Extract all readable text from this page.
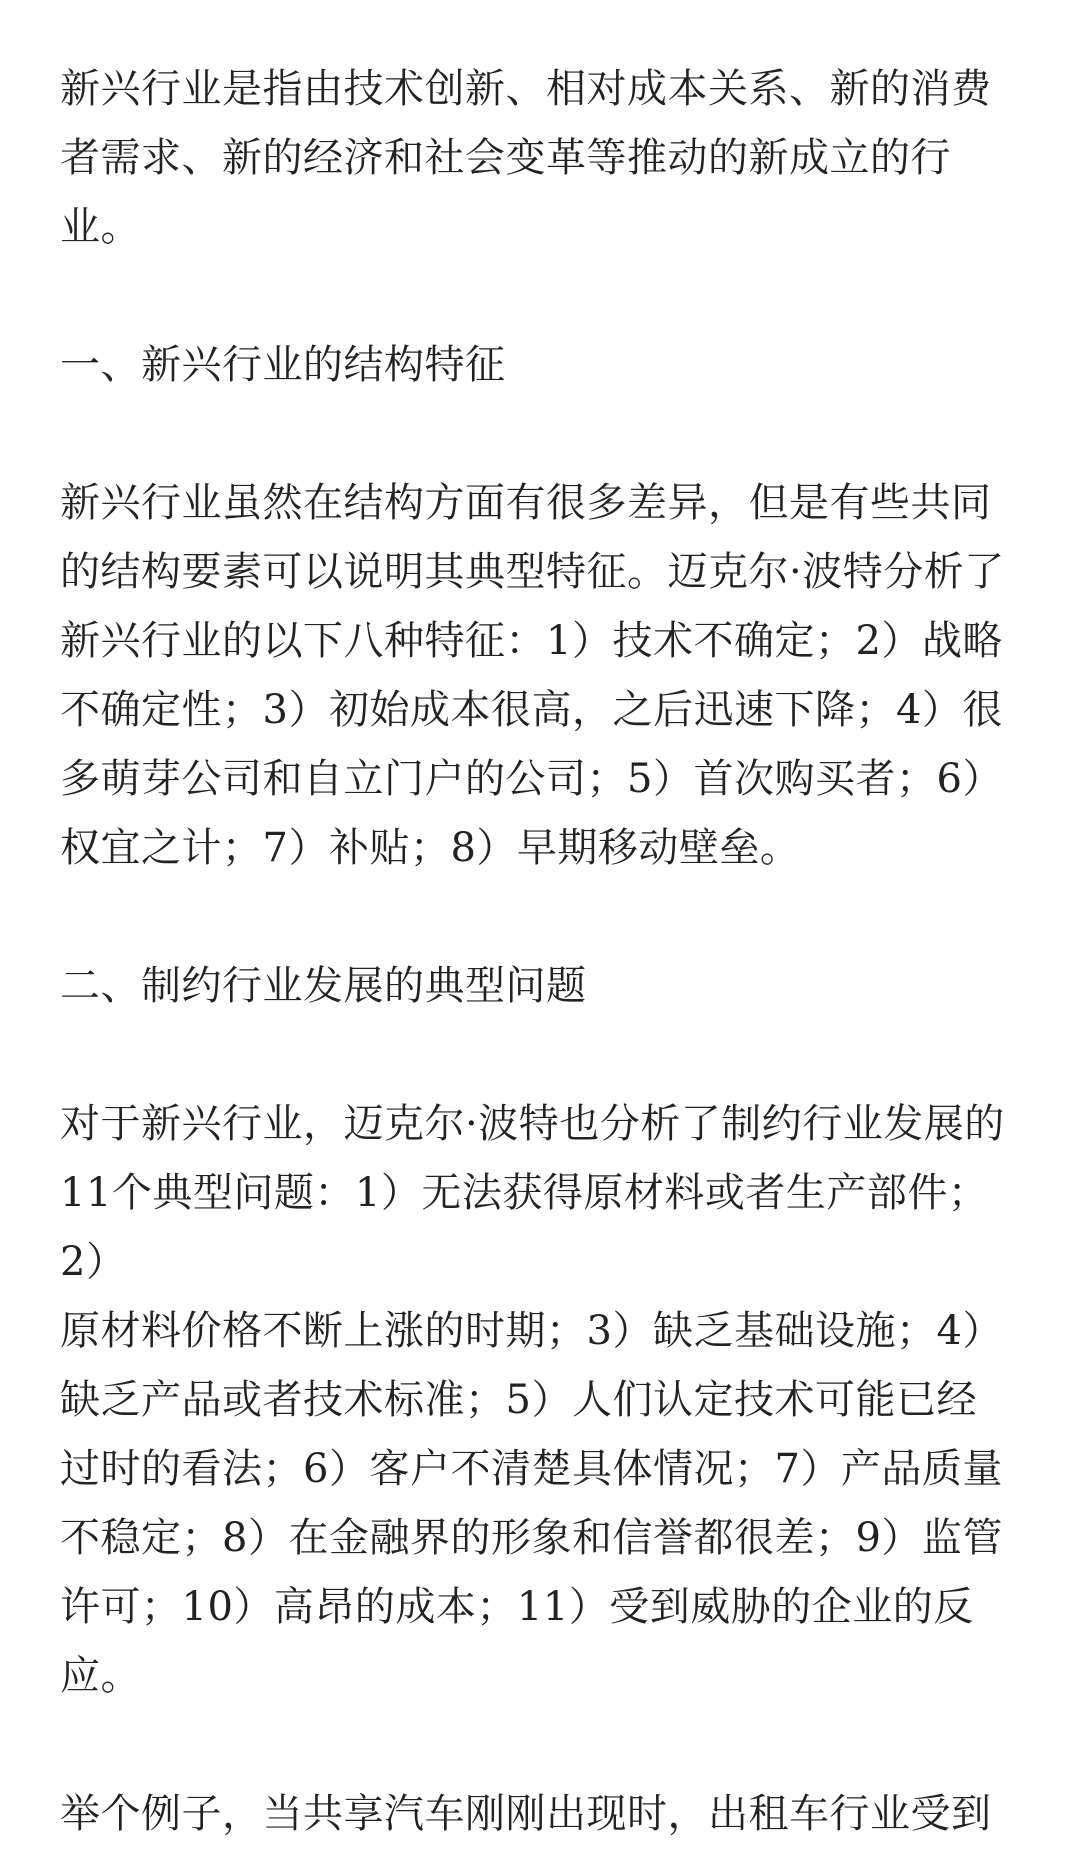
新兴行业是指由技术创新、相对成本关系、新的消费
者需求、新的经济和社会变革等推动的新成立的行
业。

一、新兴行业的结构特征

新兴行业虽然在结构方面有很多差异，但是有些共同
的结构要素可以说明其典型特征。迈克尔·波特分析了
新兴行业的以下八种特征：1）技术不确定；2）战略
不确定性；3）初始成本很高，之后迅速下降；4）很
多萌芽公司和自立门户的公司；5）首次购买者；6）
权宜之计；7）补贴；8）早期移动壁垒。

二、制约行业发展的典型问题

对于新兴行业，迈克尔·波特也分析了制约行业发展的
11个典型问题：1）无法获得原材料或者生产部件；2）
原材料价格不断上涨的时期；3）缺乏基础设施；4）
缺乏产品或者技术标准；5）人们认定技术可能已经
过时的看法；6）客户不清楚具体情况；7）产品质量
不稳定；8）在金融界的形象和信誉都很差；9）监管
许可；10）高昂的成本；11）受到威胁的企业的反
应。

举个例子，当共享汽车刚刚出现时，出租车行业受到
